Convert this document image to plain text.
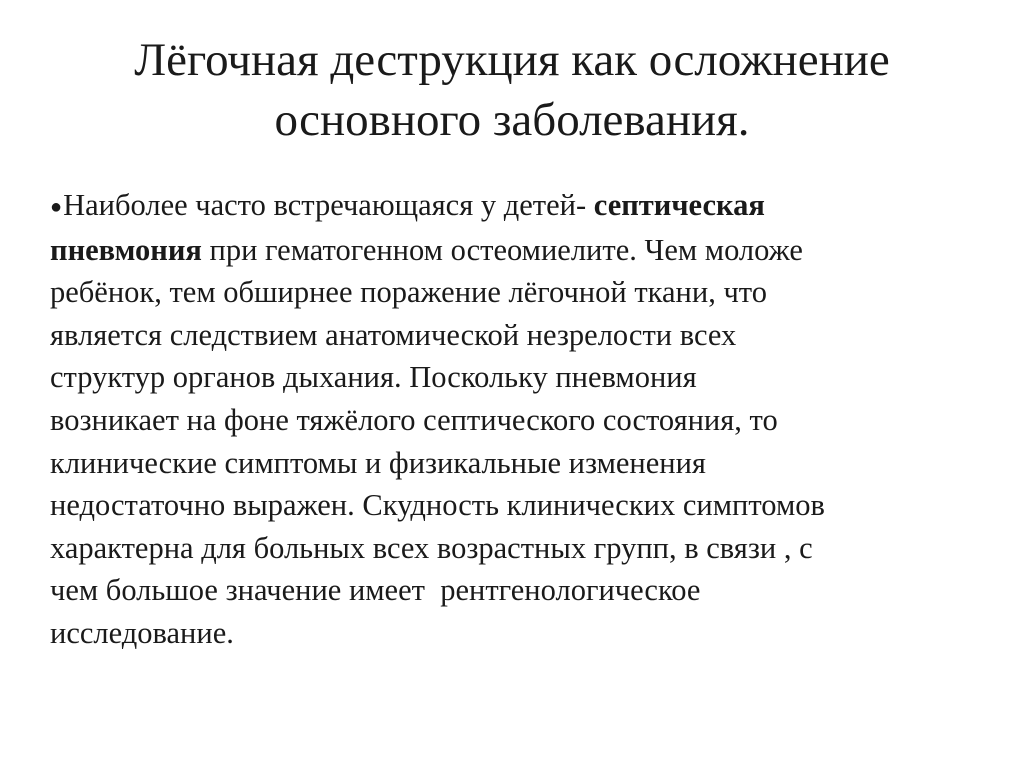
Лёгочная деструкция как осложнение
основного заболевания.
●Наиболее часто встречающаяся у детей- септическая
пневмония при гематогенном остеомиелите. Чем моложе
ребёнок, тем обширнее поражение лёгочной ткани, что
является следствием анатомической незрелости всех
структур органов дыхания. Поскольку пневмония
возникает на фоне тяжёлого септического состояния, то
клинические симптомы и физикальные изменения
недостаточно выражен. Скудность клинических симптомов
характерна для больных всех возрастных групп, в связи , с
чем большое значение имеет  рентгенологическое
исследование.
